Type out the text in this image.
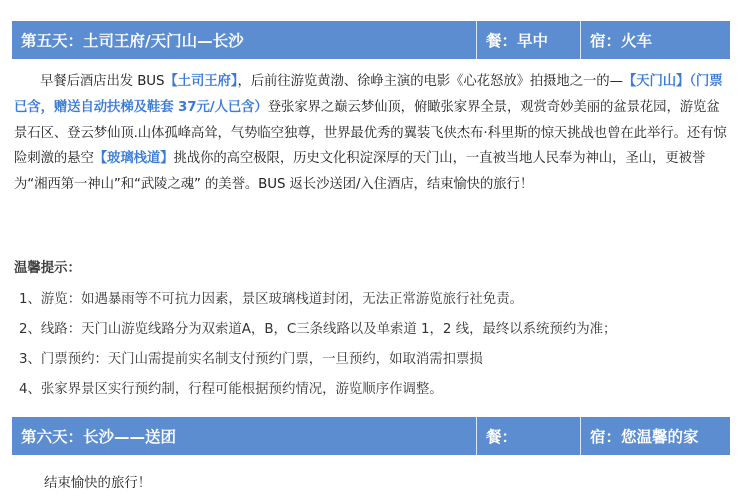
第五天：土司王府/天门山—长沙	餐：早中	宿：火车
早餐后酒店出发 BUS【土司王府】，后前往游览黄渤、徐峥主演的电影《心花怒放》拍摄地之一的—【天门山】（门票已含，赠送自动扶梯及鞋套 37元/人已含）登张家界之巅云梦仙顶，俯瞰张家界全景，观赏奇妙美丽的盆景花园，游览盆景石区、登云梦仙顶.山体孤峰高耸，气势临空独尊，世界最优秀的翼装飞侠杰布·科里斯的惊天挑战也曾在此举行。还有惊险刺激的悬空【玻璃栈道】挑战你的高空极限，历史文化积淀深厚的天门山，一直被当地人民奉为神山，圣山，更被誉为“湘西第一神山”和“武陵之魂” 的美誉。BUS 返长沙送团/入住酒店，结束愉快的旅行！
温馨提示：
1、游览：如遇暴雨等不可抗力因素，景区玻璃栈道封闭，无法正常游览旅行社免责。
2、线路：天门山游览线路分为双索道A，B，C三条线路以及单索道 1，2 线，最终以系统预约为准；
3、门票预约：天门山需提前实名制支付预约门票，一旦预约，如取消需扣票损
4、张家界景区实行预约制，行程可能根据预约情况，游览顺序作调整。
第六天：长沙——送团	餐：	宿：您温馨的家
结束愉快的旅行！
